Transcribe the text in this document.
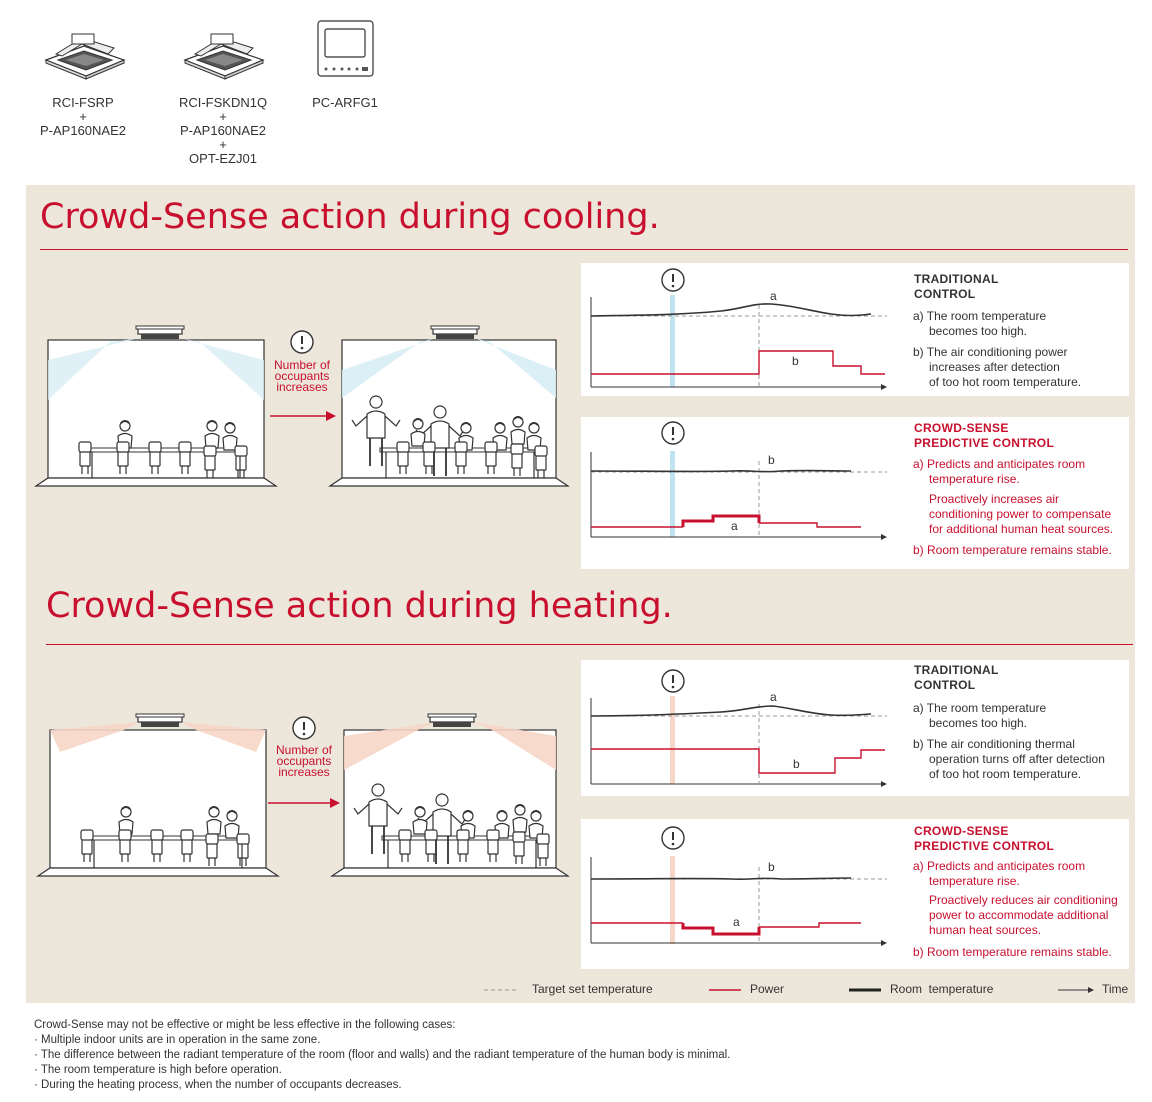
RCI-FSRP
+
P-AP160NAE2
RCI-FSKDN1Q
+
P-AP160NAE2
+
OPT-EZJ01
PC-ARFG1
Crowd-Sense action during cooling.
Crowd-Sense action during heating.
Number of
occupants
increases
Number of
occupants
increases
a
b
TRADITIONAL
CONTROL
a) The room temperature
becomes too high.
b) The air conditioning power
increases after detection
of too hot room temperature.
a
b
CROWD-SENSE
PREDICTIVE CONTROL
a) Predicts and anticipates room
temperature rise.
Proactively increases air
conditioning power to compensate
for additional human heat sources.
b) Room temperature remains stable.
a
b
TRADITIONAL
CONTROL
a) The room temperature
becomes too high.
b) The air conditioning thermal
operation turns off after detection
of too hot room temperature.
a
b
CROWD-SENSE
PREDICTIVE CONTROL
a) Predicts and anticipates room
temperature rise.
Proactively reduces air conditioning
power to accommodate additional
human heat sources.
b) Room temperature remains stable.
Target set temperature	Power	Room  temperature	Time
Crowd-Sense may not be effective or might be less effective in the following cases:
· Multiple indoor units are in operation in the same zone.
· The difference between the radiant temperature of the room (floor and walls) and the radiant temperature of the human body is minimal.
· The room temperature is high before operation.
· During the heating process, when the number of occupants decreases.
